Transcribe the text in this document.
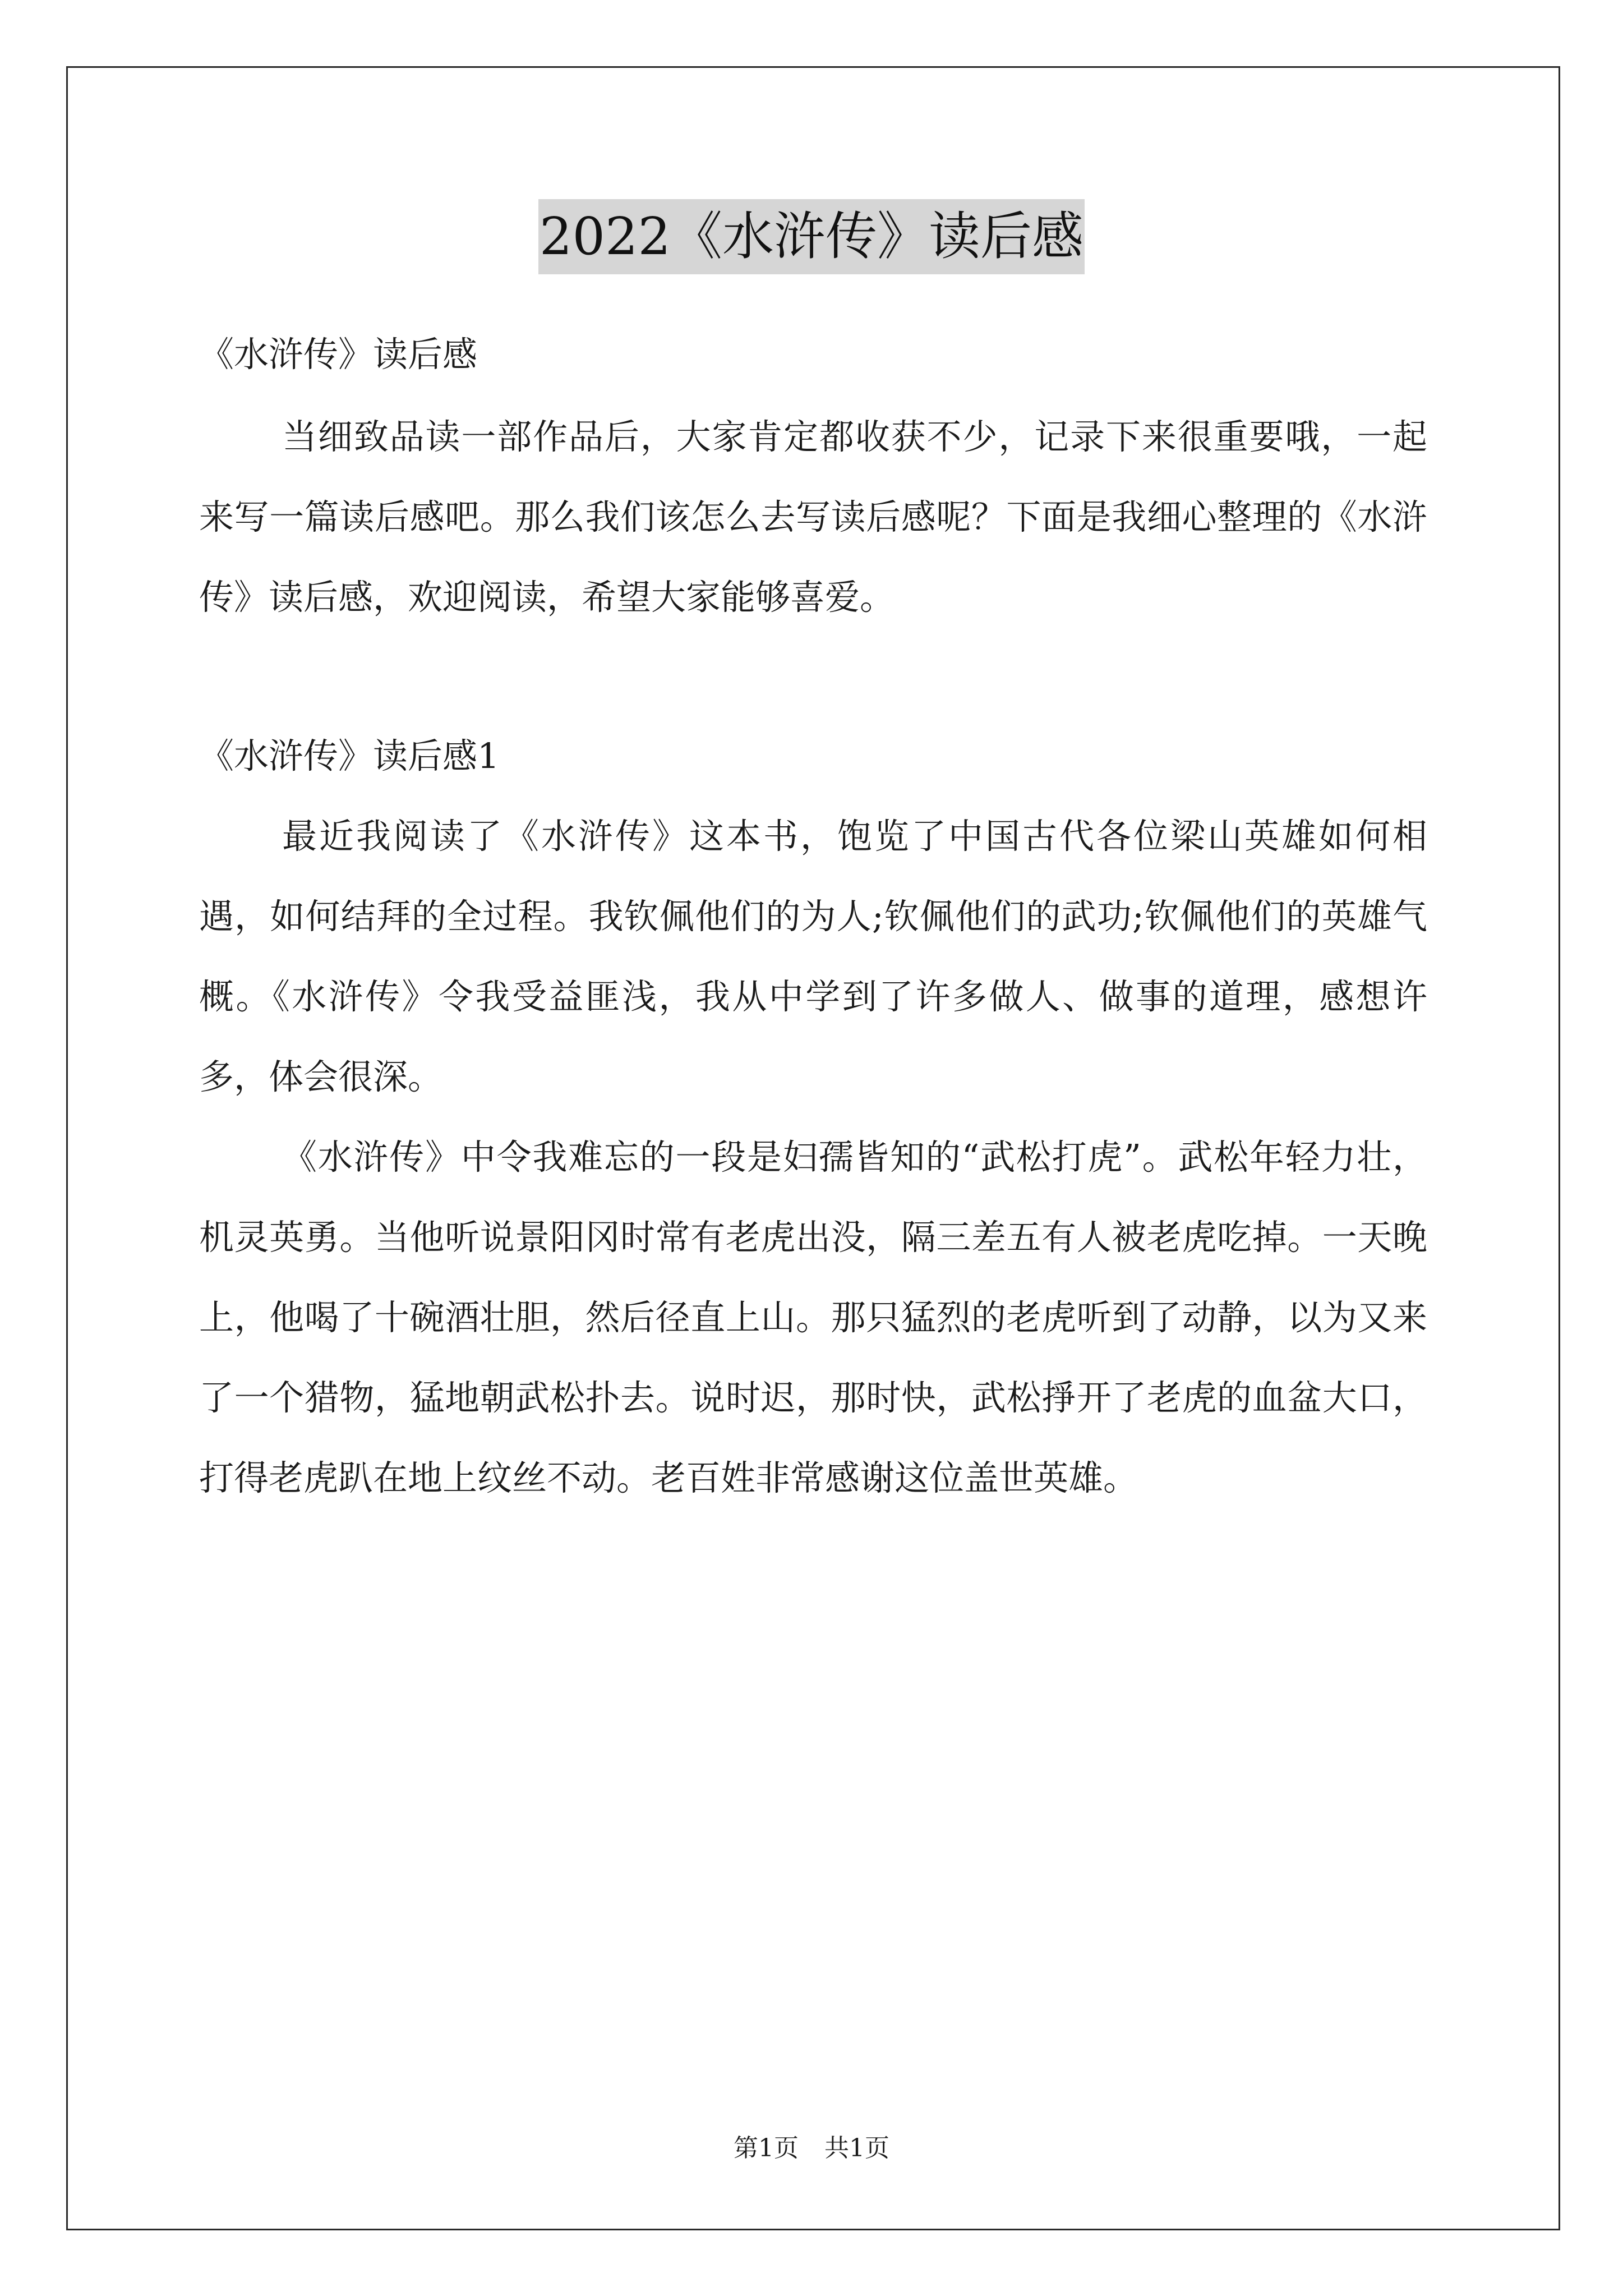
2022《水浒传》读后感

《水浒传》读后感

当细致品读一部作品后，大家肯定都收获不少，记录下来很重要哦，一起来写一篇读后感吧。那么我们该怎么去写读后感呢？下面是我细心整理的《水浒传》读后感，欢迎阅读，希望大家能够喜爱。

《水浒传》读后感1

最近我阅读了《水浒传》这本书，饱览了中国古代各位梁山英雄如何相遇，如何结拜的全过程。我钦佩他们的为人;钦佩他们的武功;钦佩他们的英雄气概。《水浒传》令我受益匪浅，我从中学到了许多做人、做事的道理，感想许多，体会很深。

《水浒传》中令我难忘的一段是妇孺皆知的“武松打虎”。武松年轻力壮，机灵英勇。当他听说景阳冈时常有老虎出没，隔三差五有人被老虎吃掉。一天晚上，他喝了十碗酒壮胆，然后径直上山。那只猛烈的老虎听到了动静，以为又来了一个猎物，猛地朝武松扑去。说时迟，那时快，武松掙开了老虎的血盆大口，打得老虎趴在地上纹丝不动。老百姓非常感谢这位盖世英雄。

第1页 共1页
